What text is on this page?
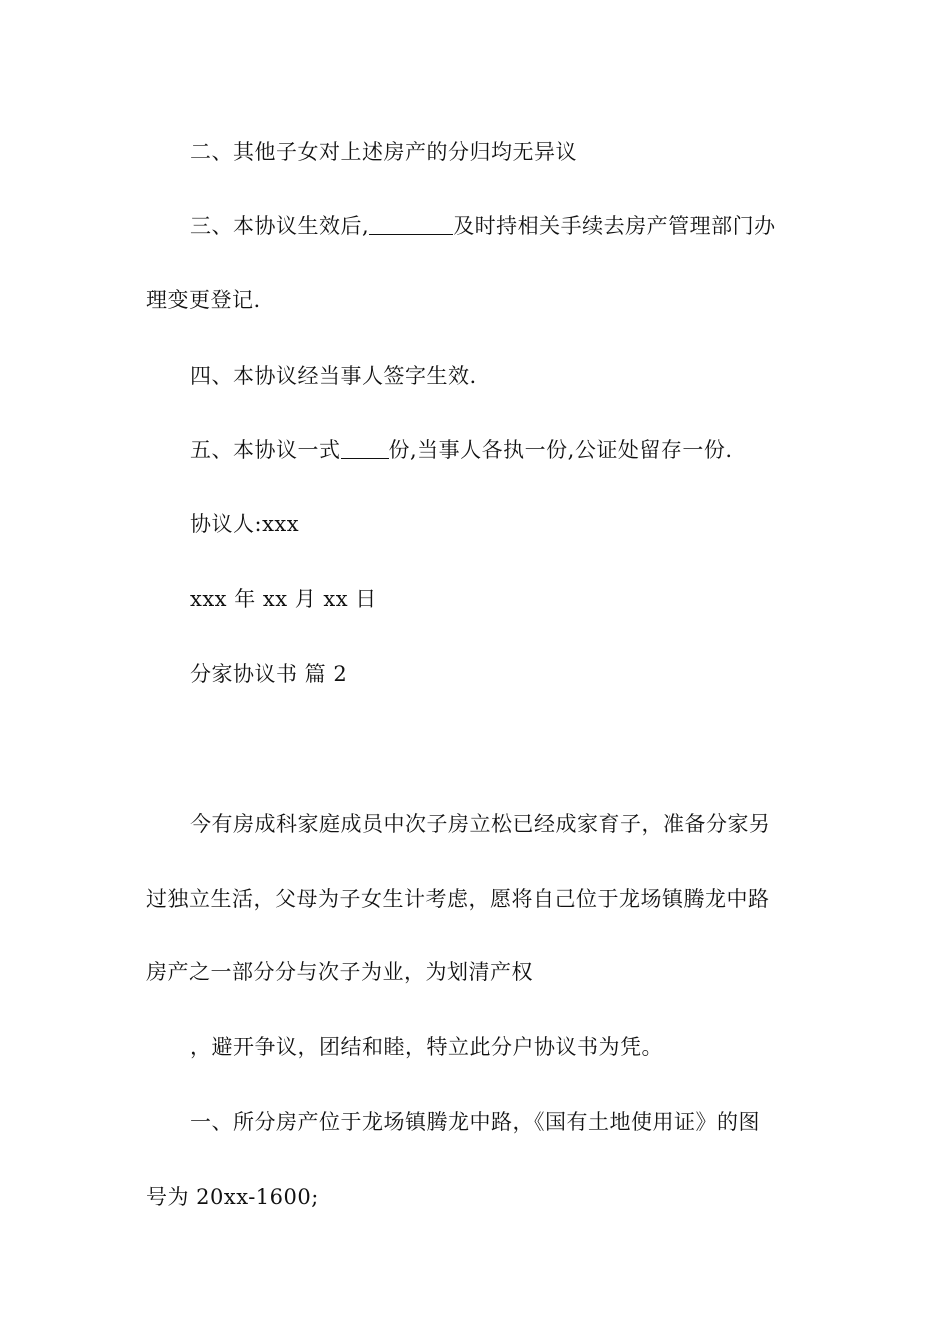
二、其他子女对上述房产的分归均无异议
三、本协议生效后,	及时持相关手续去房产管理部门办
理变更登记.
四、本协议经当事人签字生效.
五、本协议一式 份,当事人各执一份,公证处留存一份.
协议人:xxx
xxx 年 xx 月 xx 日
分家协议书 篇 2
今有房成科家庭成员中次子房立松已经成家育子，准备分家另
过独立生活，父母为子女生计考虑，愿将自己位于龙场镇腾龙中路
房产之一部分分与次子为业，为划清产权
，避开争议，团结和睦，特立此分户协议书为凭。
一、所分房产位于龙场镇腾龙中路，《国有土地使用证》的图
号为 20xx-1600;
